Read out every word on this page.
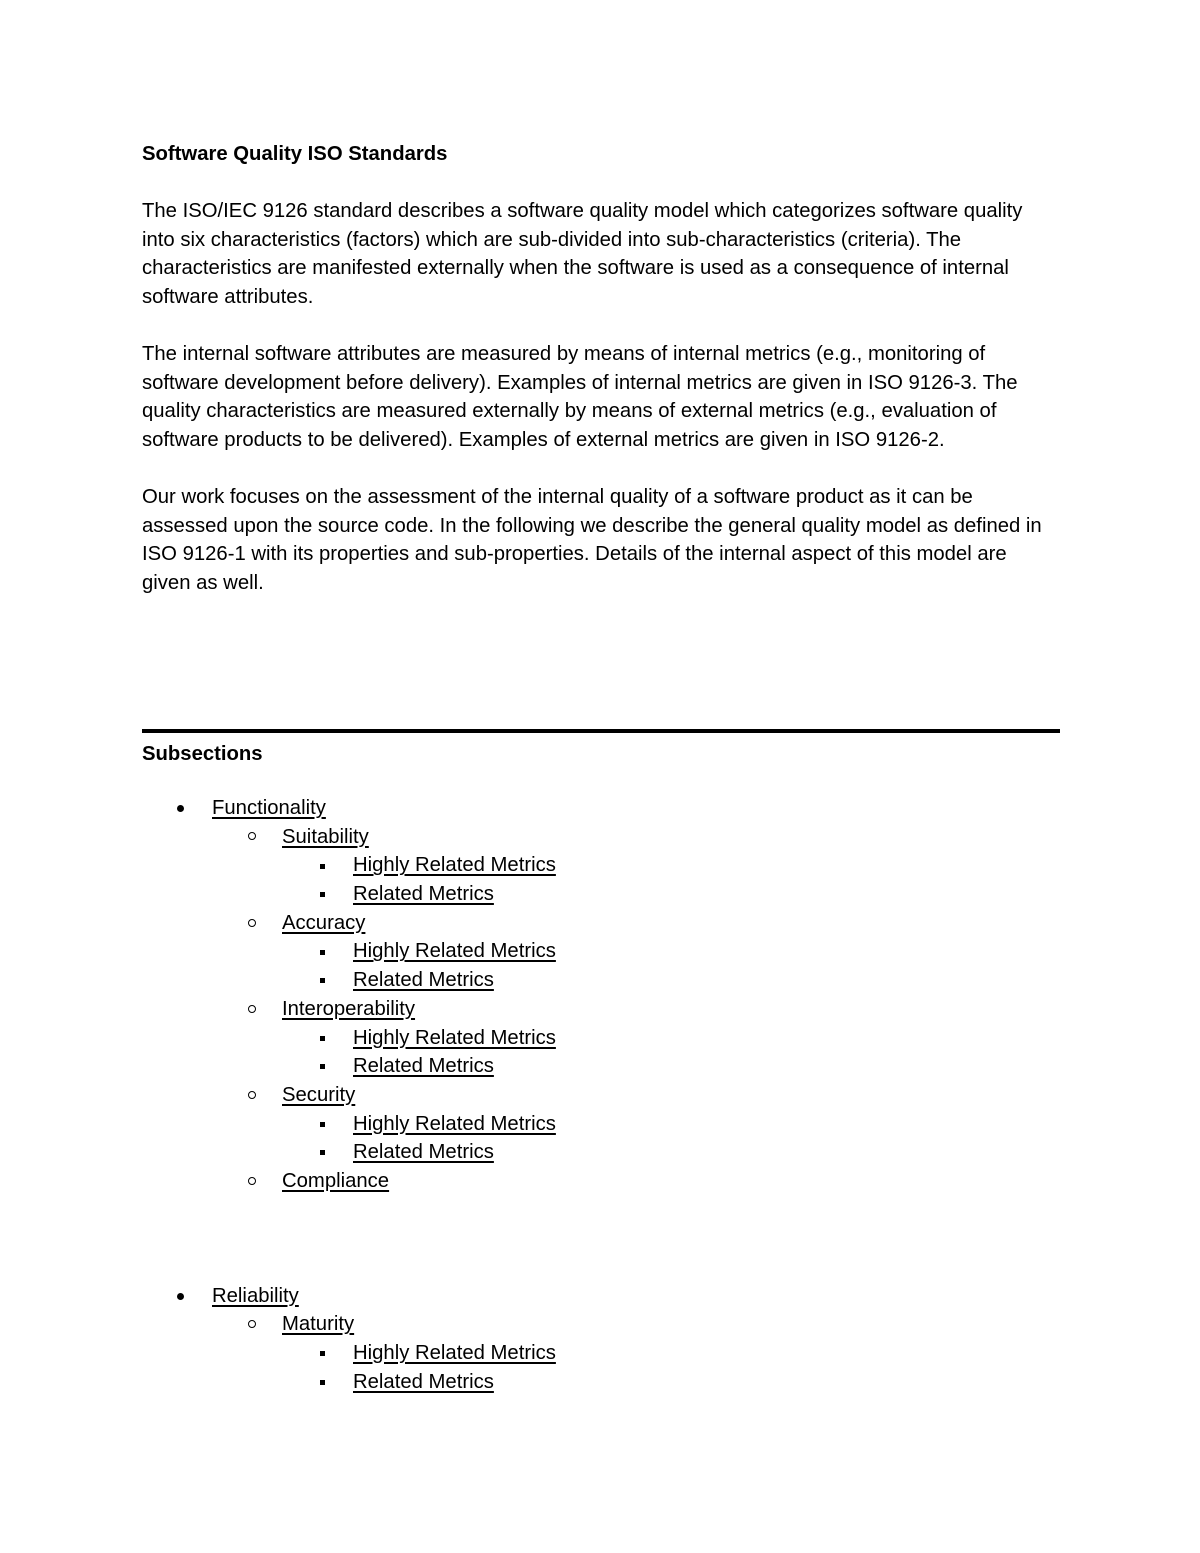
Software Quality ISO Standards

The ISO/IEC 9126 standard describes a software quality model which categorizes software quality into six characteristics (factors) which are sub-divided into sub-characteristics (criteria). The characteristics are manifested externally when the software is used as a consequence of internal software attributes.

The internal software attributes are measured by means of internal metrics (e.g., monitoring of software development before delivery). Examples of internal metrics are given in ISO 9126-3. The quality characteristics are measured externally by means of external metrics (e.g., evaluation of software products to be delivered). Examples of external metrics are given in ISO 9126-2.

Our work focuses on the assessment of the internal quality of a software product as it can be assessed upon the source code. In the following we describe the general quality model as defined in ISO 9126-1 with its properties and sub-properties. Details of the internal aspect of this model are given as well.

Subsections

Functionality
Suitability
Highly Related Metrics
Related Metrics
Accuracy
Highly Related Metrics
Related Metrics
Interoperability
Highly Related Metrics
Related Metrics
Security
Highly Related Metrics
Related Metrics
Compliance
Reliability
Maturity
Highly Related Metrics
Related Metrics
